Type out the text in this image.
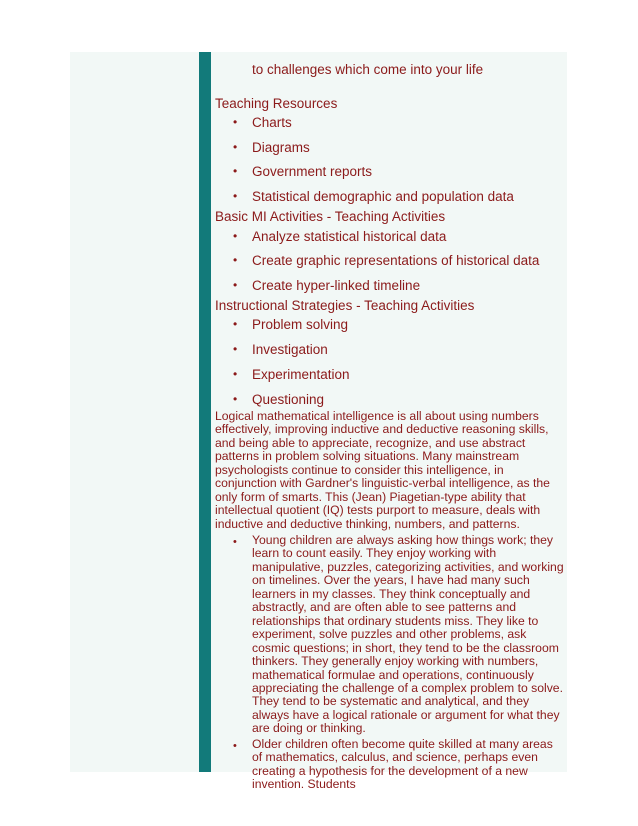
to challenges which come into your life
Teaching Resources
• Charts
• Diagrams
• Government reports
• Statistical demographic and population data
Basic MI Activities - Teaching Activities
• Analyze statistical historical data
• Create graphic representations of historical data
• Create hyper-linked timeline
Instructional Strategies - Teaching Activities
• Problem solving
• Investigation
• Experimentation
• Questioning
Logical mathematical intelligence is all about using numbers effectively, improving inductive and deductive reasoning skills, and being able to appreciate, recognize, and use abstract patterns in problem solving situations. Many mainstream psychologists continue to consider this intelligence, in conjunction with Gardner's linguistic-verbal intelligence, as the only form of smarts. This (Jean) Piagetian-type ability that intellectual quotient (IQ) tests purport to measure, deals with inductive and deductive thinking, numbers, and patterns.
•	Young children are always asking how things work; they learn to count easily. They enjoy working with manipulative, puzzles, categorizing activities, and working on timelines. Over the years, I have had many such learners in my classes. They think conceptually and abstractly, and are often able to see patterns and relationships that ordinary students miss. They like to experiment, solve puzzles and other problems, ask cosmic questions; in short, they tend to be the classroom thinkers. They generally enjoy working with numbers, mathematical formulae and operations, continuously appreciating the challenge of a complex problem to solve. They tend to be systematic and analytical, and they always have a logical rationale or argument for what they are doing or thinking.
•	Older children often become quite skilled at many areas of mathematics, calculus, and science, perhaps even creating a hypothesis for the development of a new invention. Students
